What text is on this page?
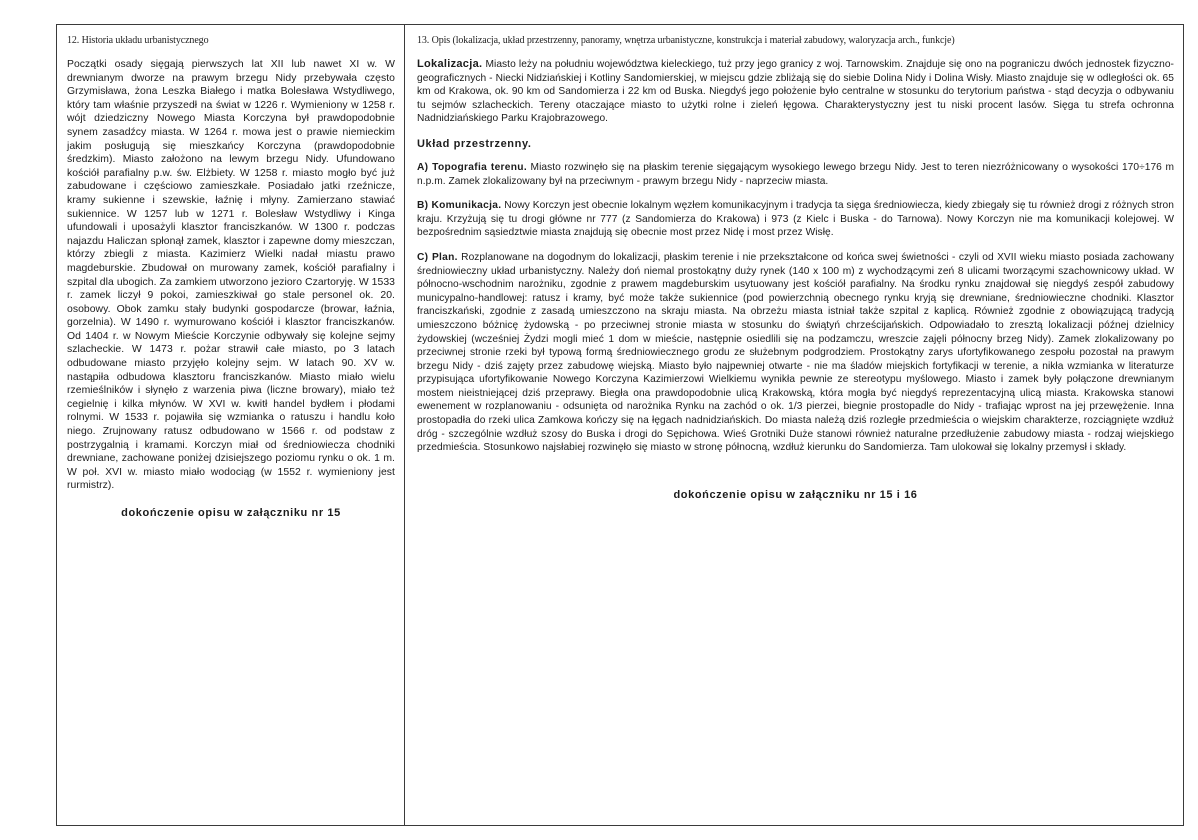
12. Historia układu urbanistycznego
Początki osady sięgają pierwszych lat XII lub nawet XI w. W drewnianym dworze na prawym brzegu Nidy przebywała często Grzymisława, żona Leszka Białego i matka Bolesława Wstydliwego, który tam właśnie przyszedł na świat w 1226 r. Wymieniony w 1258 r. wójt dziedziczny Nowego Miasta Korczyna był prawdopodobnie synem zasadźcy miasta. W 1264 r. mowa jest o prawie niemieckim jakim posługują się mieszkańcy Korczyna (prawdopodobnie średzkim). Miasto założono na lewym brzegu Nidy. Ufundowano kościół parafialny p.w. św. Elżbiety. W 1258 r. miasto mogło być już zabudowane i częściowo zamieszkałe. Posiadało jatki rzeźnicze, kramy sukienne i szewskie, łaźnię i młyny. Zamierzano stawiać sukiennice. W 1257 lub w 1271 r. Bolesław Wstydliwy i Kinga ufundowali i uposażyli klasztor franciszkanów. W 1300 r. podczas najazdu Haliczan spłonął zamek, klasztor i zapewne domy mieszczan, którzy zbiegli z miasta. Kazimierz Wielki nadał miastu prawo magdeburskie. Zbudował on murowany zamek, kościół parafialny i szpital dla ubogich. Za zamkiem utworzono jezioro Czartoryję. W 1533 r. zamek liczył 9 pokoi, zamieszkiwał go stale personel ok. 20. osobowy. Obok zamku stały budynki gospodarcze (browar, łaźnia, gorzelnia). W 1490 r. wymurowano kościół i klasztor franciszkanów. Od 1404 r. w Nowym Mieście Korczynie odbywały się kolejne sejmy szlacheckie. W 1473 r. pożar strawił całe miasto, po 3 latach odbudowane miasto przyjęło kolejny sejm. W latach 90. XV w. nastąpiła odbudowa klasztoru franciszkanów. Miasto miało wielu rzemieślników i słynęło z warzenia piwa (liczne browary), miało też cegielnię i kilka młynów. W XVI w. kwitł handel bydłem i płodami rolnymi. W 1533 r. pojawiła się wzmianka o ratuszu i handlu koło niego. Zrujnowany ratusz odbudowano w 1566 r. od podstaw z postrzygalnią i kramami. Korczyn miał od średniowiecza chodniki drewniane, zachowane poniżej dzisiejszego poziomu rynku o ok. 1 m. W poł. XVI w. miasto miało wodociąg (w 1552 r. wymieniony jest rurmistrz).
dokończenie opisu w załączniku nr 15
13. Opis (lokalizacja, układ przestrzenny, panoramy, wnętrza urbanistyczne, konstrukcja i materiał zabudowy, waloryzacja arch., funkcje)

Lokalizacja. Miasto leży na południu województwa kieleckiego, tuż przy jego granicy z woj. Tarnowskim. Znajduje się ono na pograniczu dwóch jednostek fizyczno-geograficznych - Niecki Nidziańskiej i Kotliny Sandomierskiej, w miejscu gdzie zbliżają się do siebie Dolina Nidy i Dolina Wisły. Miasto znajduje się w odległości ok. 65 km od Krakowa, ok. 90 km od Sandomierza i 22 km od Buska. Niegdyś jego położenie było centralne w stosunku do terytorium państwa - stąd decyzja o odbywaniu tu sejmów szlacheckich. Tereny otaczające miasto to użytki rolne i zieleń łęgowa. Charakterystyczny jest tu niski procent lasów. Sięga tu strefa ochronna Nadnidziańskiego Parku Krajobrazowego.

Układ przestrzenny.

A) Topografia terenu. Miasto rozwinęło się na płaskim terenie sięgającym wysokiego lewego brzegu Nidy. Jest to teren niezróżnicowany o wysokości 170÷176 m n.p.m. Zamek zlokalizowany był na przeciwnym - prawym brzegu Nidy - naprzeciw miasta.

B) Komunikacja. Nowy Korczyn jest obecnie lokalnym węzłem komunikacyjnym i tradycja ta sięga średniowiecza, kiedy zbiegały się tu również drogi z różnych stron kraju. Krzyżują się tu drogi główne nr 777 (z Sandomierza do Krakowa) i 973 (z Kielc i Buska - do Tarnowa). Nowy Korczyn nie ma komunikacji kolejowej. W bezpośrednim sąsiedztwie miasta znajdują się obecnie most przez Nidę i most przez Wisłę.

C) Plan. Rozplanowane na dogodnym do lokalizacji, płaskim terenie i nie przekształcone od końca swej świetności - czyli od XVII wieku miasto posiada zachowany średniowieczny układ urbanistyczny. Należy doń niemal prostokątny duży rynek (140 x 100 m) z wychodzącymi zeń 8 ulicami tworzącymi szachownicowy układ. W północno-wschodnim narożniku, zgodnie z prawem magdeburskim usytuowany jest kościół parafialny. Na środku rynku znajdował się niegdyś zespół zabudowy municypalno-handlowej: ratusz i kramy, być może także sukiennice (pod powierzchnią obecnego rynku kryją się drewniane, średniowieczne chodniki. Klasztor franciszkański, zgodnie z zasadą umieszczono na skraju miasta. Na obrzeżu miasta istniał także szpital z kaplicą. Również zgodnie z obowiązującą tradycją umieszczono bóżnicę żydowską - po przeciwnej stronie miasta w stosunku do świątyń chrześcijańskich. Odpowiadało to zresztą lokalizacji późnej dzielnicy żydowskiej (wcześniej Żydzi mogli mieć 1 dom w mieście, następnie osiedlili się na podzamczu, wreszcie zajęli północny brzeg Nidy). Zamek zlokalizowany po przeciwnej stronie rzeki był typową formą średniowiecznego grodu ze służebnym podgrodziem. Prostokątny zarys ufortyfikowanego zespołu pozostał na prawym brzegu Nidy - dziś zajęty przez zabudowę wiejską. Miasto było najpewniej otwarte - nie ma śladów miejskich fortyfikacji w terenie, a nikła wzmianka w literaturze przypisująca ufortyfikowanie Nowego Korczyna Kazimierzowi Wielkiemu wynikła pewnie ze stereotypu myślowego. Miasto i zamek były połączone drewnianym mostem nieistniejącej dziś przeprawy. Biegła ona prawdopodobnie ulicą Krakowską, która mogła być niegdyś reprezentacyjną ulicą miasta. Krakowska stanowi ewenement w rozplanowaniu - odsunięta od narożnika Rynku na zachód o ok. 1/3 pierzei, biegnie prostopadle do Nidy - trafiając wprost na jej przewężenie. Inna prostopadła do rzeki ulica Zamkowa kończy się na łęgach nadnidziańskich. Do miasta należą dziś rozległe przedmieścia o wiejskim charakterze, rozciągnięte wzdłuż dróg - szczególnie wzdłuż szosy do Buska i drogi do Sępichowa. Wieś Grotniki Duże stanowi również naturalne przedłużenie zabudowy miasta - rodzaj wiejskiego przedmieścia. Stosunkowo najsłabiej rozwinęło się miasto w stronę północną, wzdłuż kierunku do Sandomierza. Tam ulokował się lokalny przemysł i składy.

dokończenie opisu w załączniku nr 15 i 16
